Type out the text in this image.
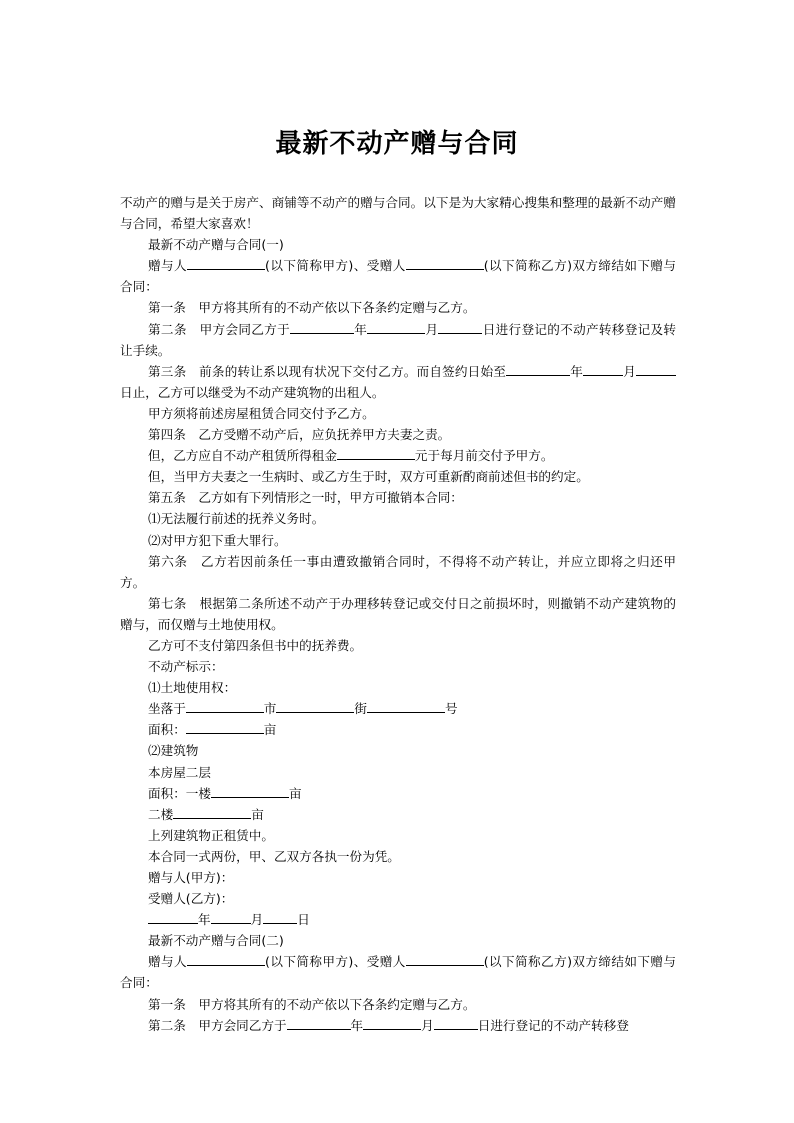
最新不动产赠与合同

不动产的赠与是关于房产、商铺等不动产的赠与合同。以下是为大家精心搜集和整理的最新不动产赠与合同，希望大家喜欢！

最新不动产赠与合同(一)

赠与人	(以下简称甲方)、受赠人	(以下简称乙方)双方缔结如下赠与合同：

第一条　甲方将其所有的不动产依以下各条约定赠与乙方。

第二条　甲方会同乙方于	年	月	日进行登记的不动产转移登记及转让手续。

第三条　前条的转让系以现有状况下交付乙方。而自签约日始至	年	月日止，乙方可以继受为不动产建筑物的出租人。

甲方须将前述房屋租赁合同交付予乙方。

第四条　乙方受赠不动产后，应负抚养甲方夫妻之责。

但，乙方应自不动产租赁所得租金	元于每月前交付予甲方。

但，当甲方夫妻之一生病时、或乙方生于时，双方可重新酌商前述但书的约定。

第五条　乙方如有下列情形之一时，甲方可撤销本合同：

⑴无法履行前述的抚养义务时。

⑵对甲方犯下重大罪行。

第六条　乙方若因前条任一事由遭致撤销合同时，不得将不动产转让，并应立即将之归还甲方。

第七条　根据第二条所述不动产于办理移转登记或交付日之前损坏时，则撤销不动产建筑物的赠与，而仅赠与土地使用权。

乙方可不支付第四条但书中的抚养费。

不动产标示：

⑴土地使用权：

坐落于	市	街	号

面积：	亩

⑵建筑物

本房屋二层

面积：一楼	亩

二楼	亩

上列建筑物正租赁中。

本合同一式两份，甲、乙双方各执一份为凭。

赠与人(甲方)：

受赠人(乙方)：

年	月	日

最新不动产赠与合同(二)

赠与人	(以下简称甲方)、受赠人	(以下简称乙方)双方缔结如下赠与合同：

第一条　甲方将其所有的不动产依以下各条约定赠与乙方。

第二条　甲方会同乙方于	年	月	日进行登记的不动产转移登
